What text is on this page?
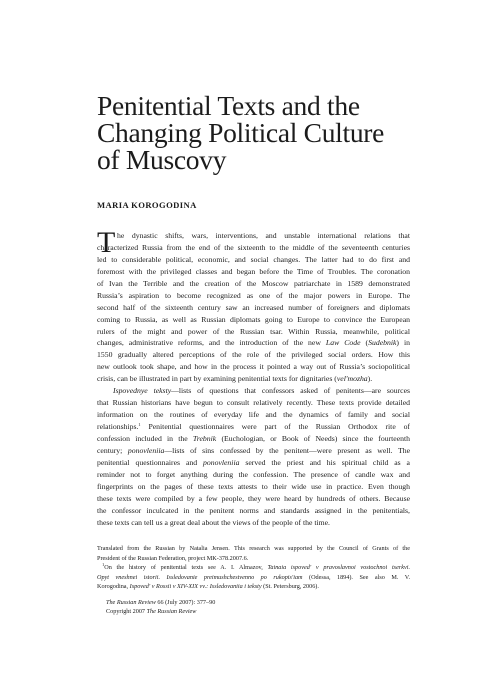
Penitential Texts and the
Changing Political Culture
of Muscovy
MARIA KOROGODINA
T he dynastic shifts, wars, interventions, and unstable international relations that
characterized Russia from the end of the sixteenth to the middle of the seventeenth centuries
led to considerable political, economic, and social changes. The latter had to do first and
foremost with the privileged classes and began before the Time of Troubles. The coronation
of Ivan the Terrible and the creation of the Moscow patriarchate in 1589 demonstrated
Russia’s aspiration to become recognized as one of the major powers in Europe. The
second half of the sixteenth century saw an increased number of foreigners and diplomats
coming to Russia, as well as Russian diplomats going to Europe to convince the European
rulers of the might and power of the Russian tsar. Within Russia, meanwhile, political
changes, administrative reforms, and the introduction of the new Law Code (Sudebnik) in
1550 gradually altered perceptions of the role of the privileged social orders. How this
new outlook took shape, and how in the process it pointed a way out of Russia’s sociopolitical
crisis, can be illustrated in part by examining penitential texts for dignitaries (vel'mozha).
Ispovednye teksty—lists of questions that confessors asked of penitents—are sources
that Russian historians have begun to consult relatively recently. These texts provide detailed
information on the routines of everyday life and the dynamics of family and social
relationships.$^1$ Penitential questionnaires were part of the Russian Orthodox rite of
confession included in the Trebnik (Euchologian, or Book of Needs) since the fourteenth
century; ponovleniia—lists of sins confessed by the penitent—were present as well. The
penitential questionnaires and ponovleniia served the priest and his spiritual child as a
reminder not to forget anything during the confession. The presence of candle wax and
fingerprints on the pages of these texts attests to their wide use in practice. Even though
these texts were compiled by a few people, they were heard by hundreds of others. Because
the confessor inculcated in the penitent norms and standards assigned in the penitentials,
these texts can tell us a great deal about the views of the people of the time.
Translated from the Russian by Natalia Jensen. This research was supported by the Council of Grants of the
President of the Russian Federation, project MK-378.2007.6.
$^1$On the history of penitential texts see A. I. Almazov, Tainaia ispoved' v pravoslavnoi vostochnoi tserkvi.
Opyt vneshnei istorii. Issledovanie preimushchestvenno po rukopis'iam (Odessa, 1894). See also M. V.
Korogodina, Ispoved' v Rossii v XIV-XIX vv.: Issledovaniia i teksty (St. Petersburg, 2006).
The Russian Review 66 (July 2007): 377–90
Copyright 2007 The Russian Review
